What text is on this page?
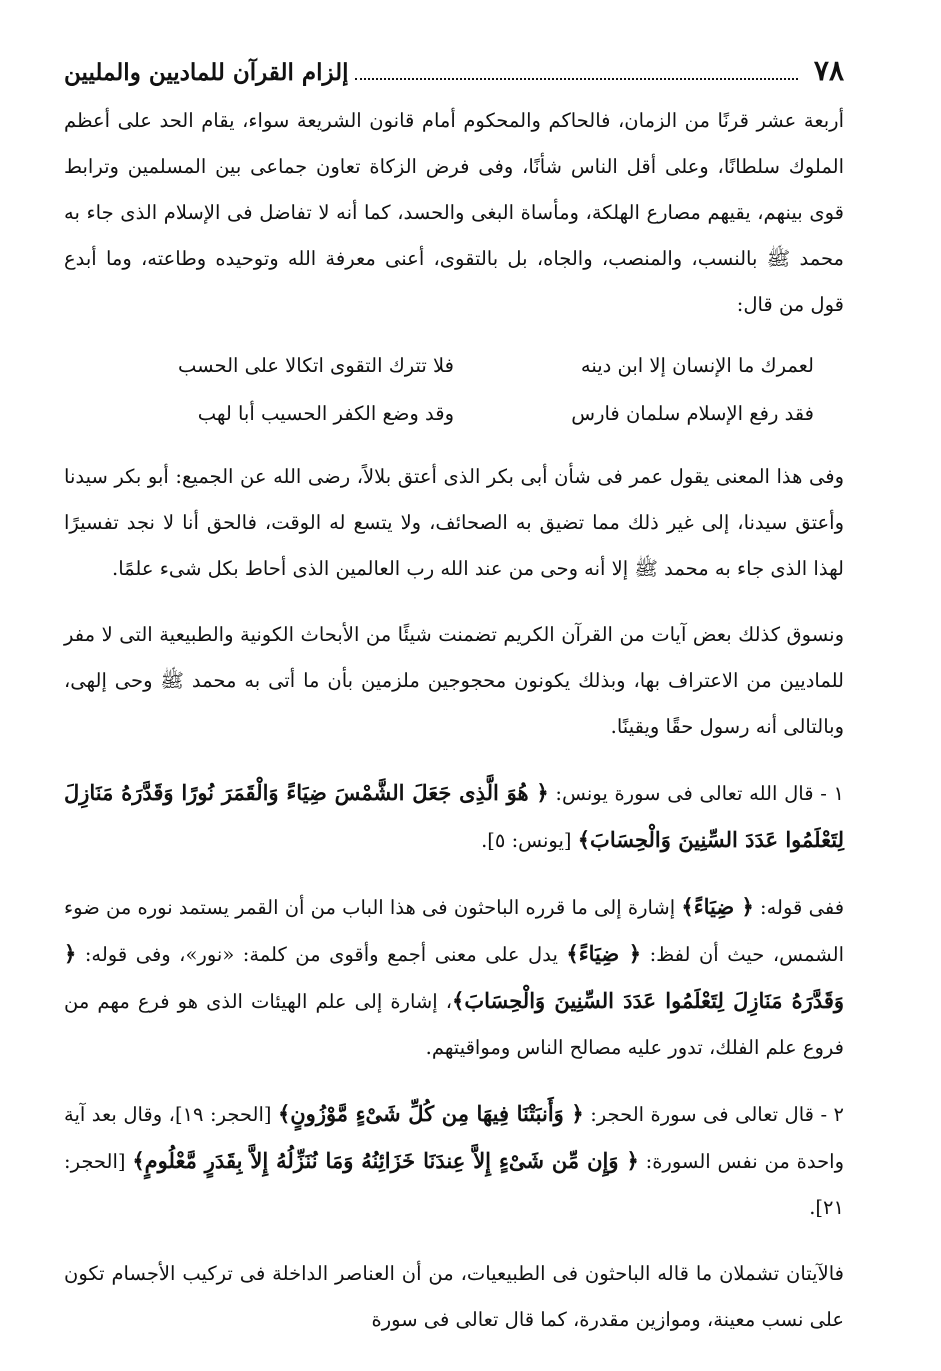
٧٨
إلزام القرآن للماديين والمليين

أربعة عشر قرنًا من الزمان، فالحاكم والمحكوم أمام قانون الشريعة سواء، يقام الحد على أعظم الملوك سلطانًا، وعلى أقل الناس شأنًا، وفى فرض الزكاة تعاون جماعى بين المسلمين وترابط قوى بينهم، يقيهم مصارع الهلكة، ومأساة البغى والحسد، كما أنه لا تفاضل فى الإسلام الذى جاء به محمد ﷺ بالنسب، والمنصب، والجاه، بل بالتقوى، أعنى معرفة الله وتوحيده وطاعته، وما أبدع قول من قال:

لعمرك ما الإنسان إلا ابن دينه
فلا تترك التقوى اتكالا على الحسب
فقد رفع الإسلام سلمان فارس
وقد وضع الكفر الحسيب أبا لهب

وفى هذا المعنى يقول عمر فى شأن أبى بكر الذى أعتق بلالاً، رضى الله عن الجميع: أبو بكر سيدنا وأعتق سيدنا، إلى غير ذلك مما تضيق به الصحائف، ولا يتسع له الوقت، فالحق أنا لا نجد تفسيرًا لهذا الذى جاء به محمد ﷺ إلا أنه وحى من عند الله رب العالمين الذى أحاط بكل شىء علمًا.

ونسوق كذلك بعض آيات من القرآن الكريم تضمنت شيئًا من الأبحاث الكونية والطبيعية التى لا مفر للماديين من الاعتراف بها، وبذلك يكونون محجوجين ملزمين بأن ما أتى به محمد ﷺ وحى إلهى، وبالتالى أنه رسول حقًا ويقينًا.

١ - قال الله تعالى فى سورة يونس: ﴿ هُوَ الَّذِى جَعَلَ الشَّمْسَ ضِيَاءً وَالْقَمَرَ نُورًا وَقَدَّرَهُ مَنَازِلَ لِتَعْلَمُوا عَدَدَ السِّنِينَ وَالْحِسَابَ﴾ [يونس: ٥].

ففى قوله: ﴿ ضِيَاءً﴾ إشارة إلى ما قرره الباحثون فى هذا الباب من أن القمر يستمد نوره من ضوء الشمس، حيث أن لفظ: ﴿ ضِيَاءً﴾ يدل على معنى أجمع وأقوى من كلمة: «نور»، وفى قوله: ﴿ وَقَدَّرَهُ مَنَازِلَ لِتَعْلَمُوا عَدَدَ السِّنِينَ وَالْحِسَابَ﴾، إشارة إلى علم الهيئات الذى هو فرع مهم من فروع علم الفلك، تدور عليه مصالح الناس ومواقيتهم.

٢ - قال تعالى فى سورة الحجر: ﴿ وَأَنبَتْنَا فِيهَا مِن كُلِّ شَىْءٍ مَّوْزُونٍ﴾ [الحجر: ١٩]، وقال بعد آية واحدة من نفس السورة: ﴿ وَإِن مِّن شَىْءٍ إِلاَّ عِندَنَا خَزَائِنُهُ وَمَا نُنَزِّلُهُ إِلاَّ بِقَدَرٍ مَّعْلُومٍ﴾ [الحجر: ٢١].

فالآيتان تشملان ما قاله الباحثون فى الطبيعيات، من أن العناصر الداخلة فى تركيب الأجسام تكون على نسب معينة، وموازين مقدرة، كما قال تعالى فى سورة
